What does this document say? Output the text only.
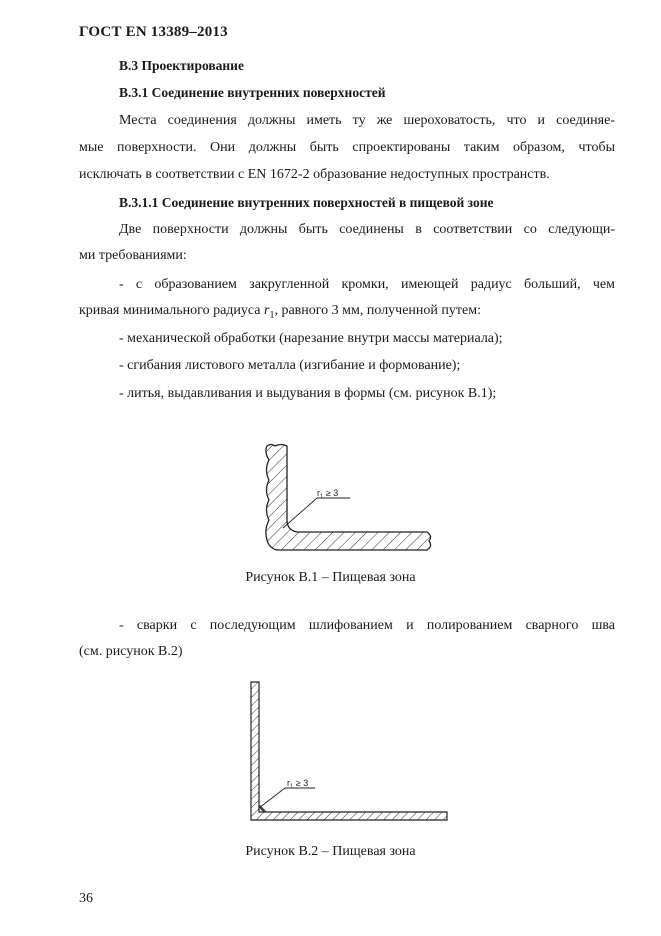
ГОСТ EN 13389–2013
B.3 Проектирование
B.3.1 Соединение внутренних поверхностей
Места соединения должны иметь ту же шероховатость, что и соединяе-
мые поверхности. Они должны быть спроектированы таким образом, чтобы
исключать в соответствии с EN 1672-2 образование недоступных пространств.
B.3.1.1 Соединение внутренних поверхностей в пищевой зоне
Две поверхности должны быть соединены в соответствии со следующи-
ми требованиями:
- с образованием закругленной кромки, имеющей радиус больший, чем
кривая минимального радиуса $r_1$, равного 3 мм, полученной путем:
- механической обработки (нарезание внутри массы материала);
- сгибания листового металла (изгибание и формование);
- литья, выдавливания и выдувания в формы (см. рисунок B.1);
$r_1 \ge 3$
Рисунок B.1 – Пищевая зона
- сварки с последующим шлифованием и полированием сварного шва
(см. рисунок B.2)
$r_1 \ge 3$
Рисунок B.2 – Пищевая зона
36
